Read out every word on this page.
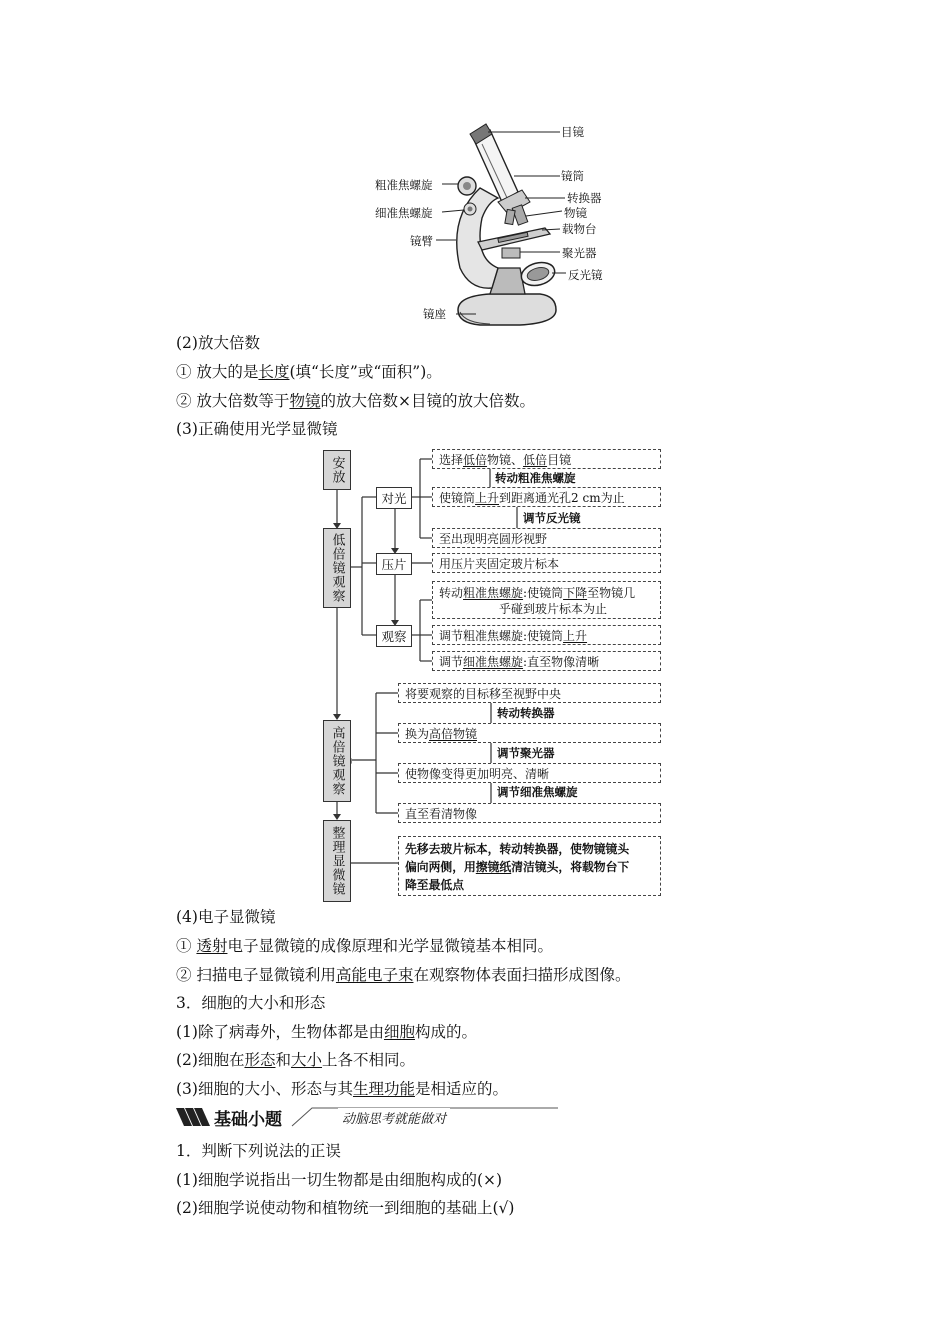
目镜
镜筒
转换器
物镜
载物台
聚光器
反光镜
粗准焦螺旋
细准焦螺旋
镜臂
镜座
(2)放大倍数
① 放大的是长度(填“长度”或“面积”)。
② 放大倍数等于物镜的放大倍数×目镜的放大倍数。
(3)正确使用光学显微镜
安放
低倍镜观察
高倍镜观察
整理显微镜
对光
压片
观察
选择 低倍 物镜、 低倍 目镜
转动粗准焦螺旋
使镜筒 上升 到距离通光孔2 cm为止
调节反光镜
至出现明亮圆形视野
用压片夹固定玻片标本
转动粗准焦螺旋:使镜筒下降至物镜几
乎碰到玻片标本为止
调节粗准焦螺旋:使镜筒 上升
调节 细准焦螺旋 :直至物像清晰
将要观察的目标移至视野中央
转动转换器
换为 高倍物镜
调节聚光器
使物像变得更加明亮、清晰
调节细准焦螺旋
直至看清物像
先移去玻片标本，转动转换器，使物镜镜头
偏向两侧，用擦镜纸清洁镜头，将载物台下
降至最低点
(4)电子显微镜
① 透射电子显微镜的成像原理和光学显微镜基本相同。
② 扫描电子显微镜利用高能电子束在观察物体表面扫描形成图像。
3．细胞的大小和形态
(1)除了病毒外，生物体都是由细胞构成的。
(2)细胞在形态和大小上各不相同。
(3)细胞的大小、形态与其生理功能是相适应的。
基础小题	动脑思考就能做对
1．判断下列说法的正误
(1)细胞学说指出一切生物都是由细胞构成的(×)
(2)细胞学说使动物和植物统一到细胞的基础上(√)
